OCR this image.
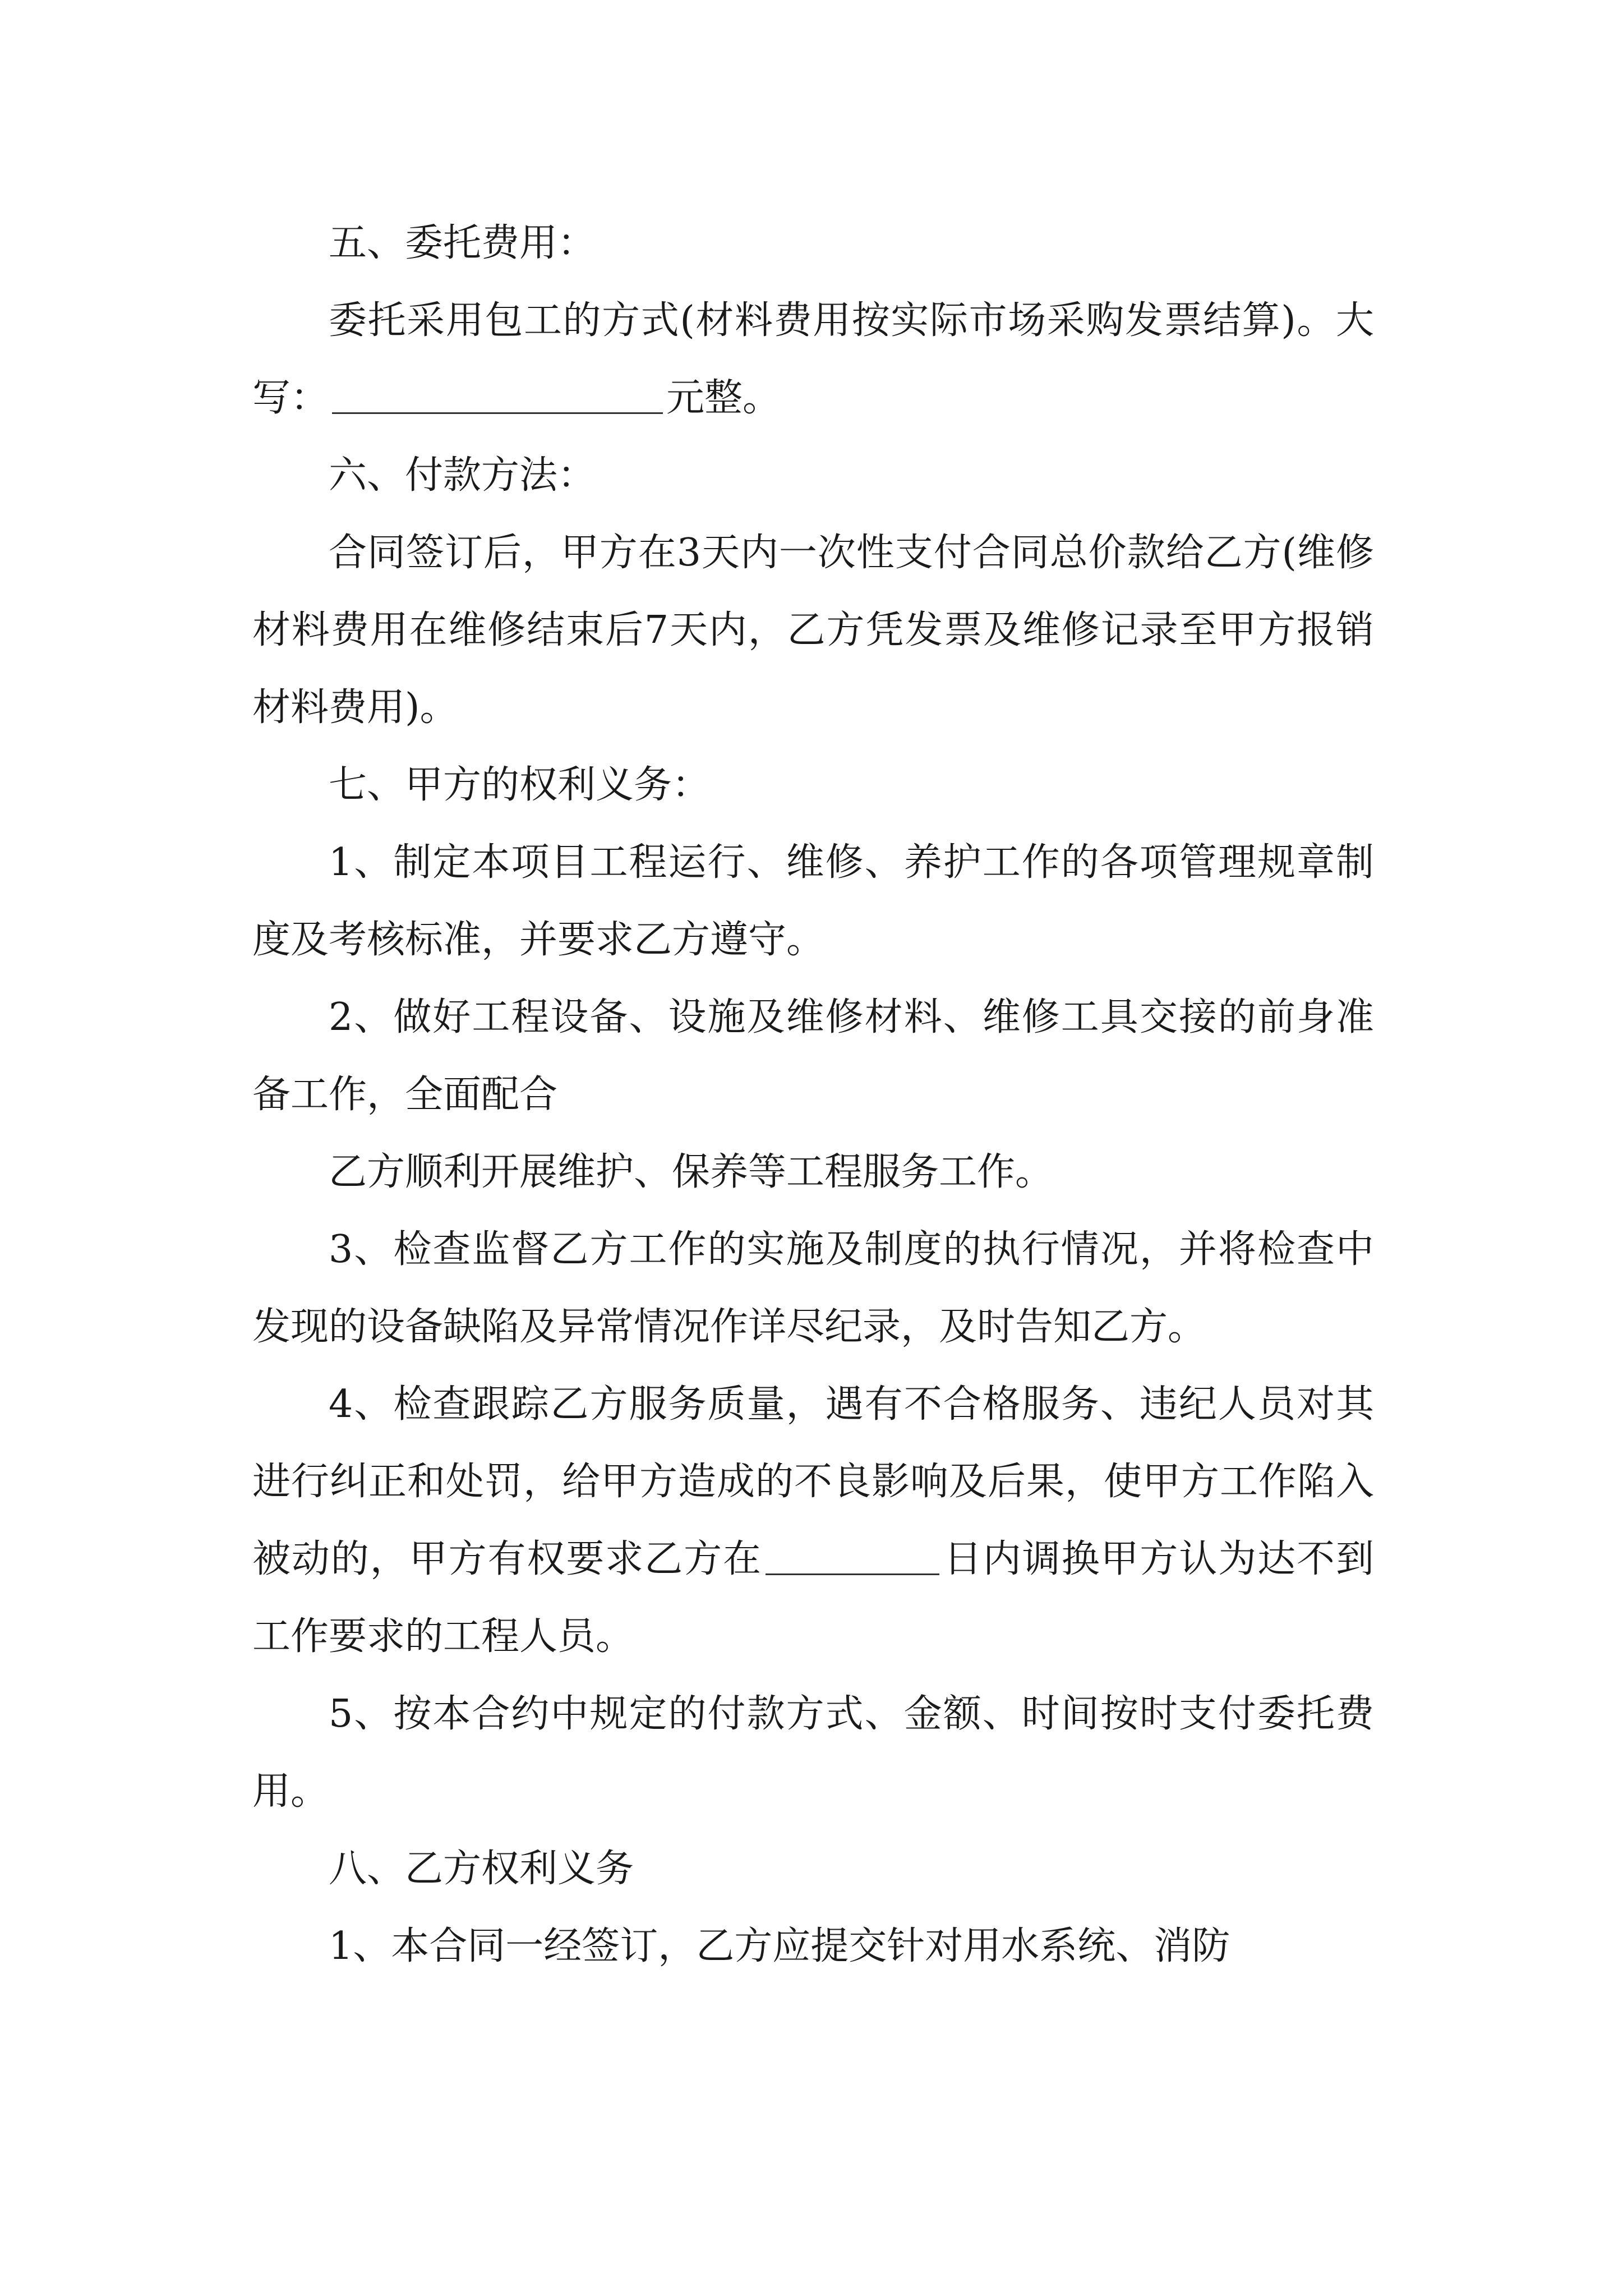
五、委托费用：

委托采用包工的方式(材料费用按实际市场采购发票结算)。大写：	元整。

六、付款方法：

合同签订后，甲方在3天内一次性支付合同总价款给乙方(维修材料费用在维修结束后7天内，乙方凭发票及维修记录至甲方报销材料费用)。

七、甲方的权利义务：

1、制定本项目工程运行、维修、养护工作的各项管理规章制度及考核标准，并要求乙方遵守。

2、做好工程设备、设施及维修材料、维修工具交接的前身准备工作，全面配合

乙方顺利开展维护、保养等工程服务工作。

3、检查监督乙方工作的实施及制度的执行情况，并将检查中发现的设备缺陷及异常情况作详尽纪录，及时告知乙方。

4、检查跟踪乙方服务质量，遇有不合格服务、违纪人员对其进行纠正和处罚，给甲方造成的不良影响及后果，使甲方工作陷入被动的，甲方有权要求乙方在	日内调换甲方认为达不到工作要求的工程人员。

5、按本合约中规定的付款方式、金额、时间按时支付委托费用。

八、乙方权利义务

1、本合同一经签订，乙方应提交针对用水系统、消防
